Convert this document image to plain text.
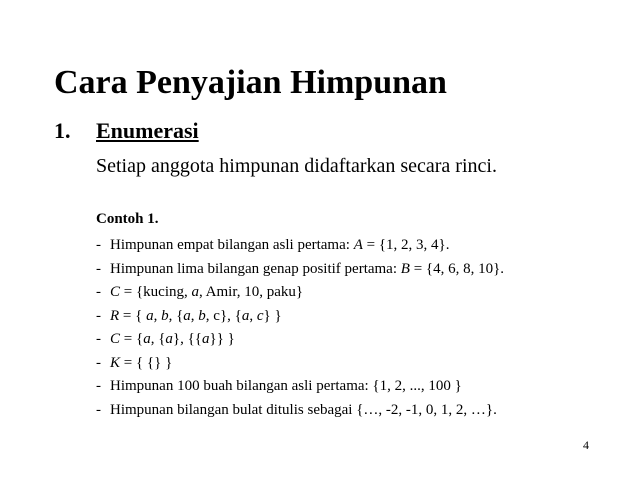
Cara Penyajian Himpunan
1. Enumerasi
Setiap anggota himpunan didaftarkan secara rinci.
Contoh 1.
- Himpunan empat bilangan asli pertama: A = {1, 2, 3, 4}.
- Himpunan lima bilangan genap positif pertama: B = {4, 6, 8, 10}.
- C = {kucing, a, Amir, 10, paku}
- R = { a, b, {a, b, c}, {a, c} }
- C = {a, {a}, {{a}} }
- K = { {} }
- Himpunan 100 buah bilangan asli pertama: {1, 2, ..., 100 }
- Himpunan bilangan bulat ditulis sebagai {…, -2, -1, 0, 1, 2, …}.
4
